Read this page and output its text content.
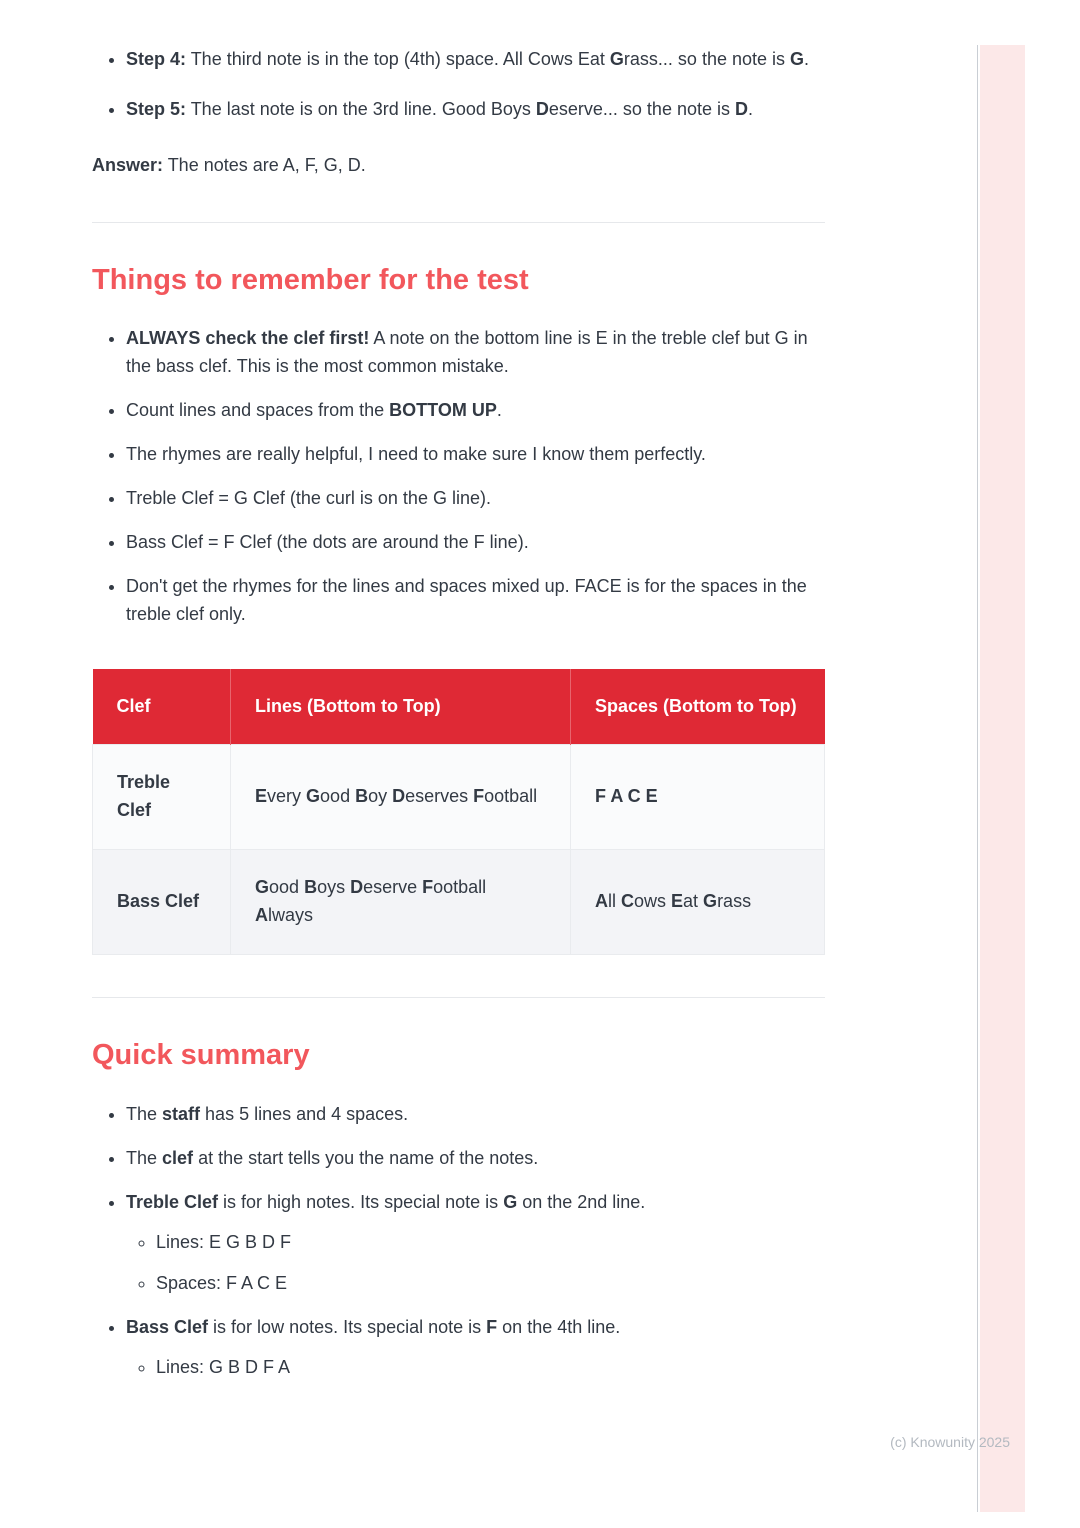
• Step 4: The third note is in the top (4th) space. All Cows Eat Grass... so the note is G.
• Step 5: The last note is on the 3rd line. Good Boys Deserve... so the note is D.

Answer: The notes are A, F, G, D.

Things to remember for the test
• ALWAYS check the clef first! A note on the bottom line is E in the treble clef but G in the bass clef. This is the most common mistake.
• Count lines and spaces from the BOTTOM UP.
• The rhymes are really helpful, I need to make sure I know them perfectly.
• Treble Clef = G Clef (the curl is on the G line).
• Bass Clef = F Clef (the dots are around the F line).
• Don't get the rhymes for the lines and spaces mixed up. FACE is for the spaces in the treble clef only.
Clef	Lines (Bottom to Top)	Spaces (Bottom to Top)
Treble Clef	Every Good Boy Deserves Football	F A C E
Bass Clef	Good Boys Deserve Football Always	All Cows Eat Grass
Quick summary
• The staff has 5 lines and 4 spaces.
• The clef at the start tells you the name of the notes.
• Treble Clef is for high notes. Its special note is G on the 2nd line.
◦ Lines: E G B D F
◦ Spaces: F A C E
• Bass Clef is for low notes. Its special note is F on the 4th line.
◦ Lines: G B D F A
(c) Knowunity 2025
